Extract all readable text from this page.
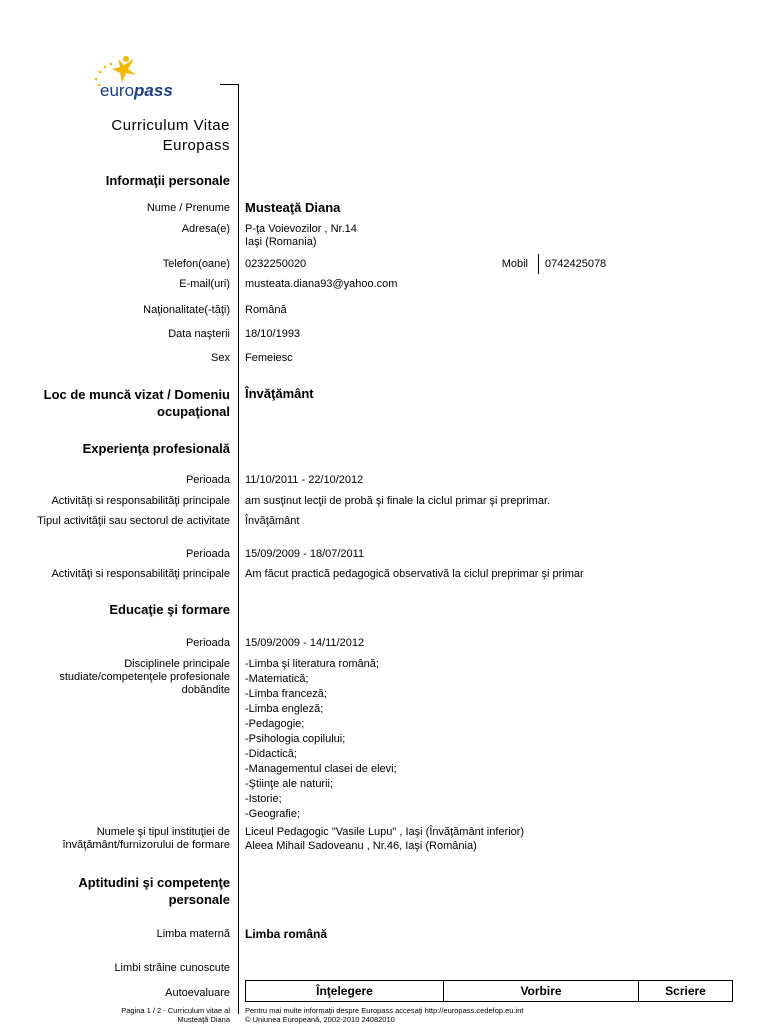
europass
Curriculum Vitae
Europass
Informaţii personale
Nume / Prenume Musteaţă Diana
Adresa(e) P-ţa Voievozilor , Nr.14
Iaşi (Romania)
Telefon(oane) 0232250020	Mobil 0742425078
E-mail(uri) musteata.diana93@yahoo.com
Naţionalitate(-tăţi) Română
Data naşterii 18/10/1993
Sex Femeiesc
Loc de muncă vizat / Domeniu ocupaţional
Învăţământ
Experienţa profesională
Perioada 11/10/2011 - 22/10/2012
Activităţi si responsabilităţi principale am susţinut lecţii de probă şi finale la ciclul primar şi preprimar.
Tipul activităţii sau sectorul de activitate Învăţământ
Perioada 15/09/2009 - 18/07/2011
Activităţi si responsabilităţi principale Am făcut practică pedagogică observativă la ciclul preprimar şi primar
Educaţie şi formare
Perioada 15/09/2009 - 14/11/2012
Disciplinele principale studiate/competenţele profesionale dobândite
-Limba şi literatura română;
-Matematică;
-Limba franceză;
-Limba engleză;
-Pedagogie;
-Psihologia copilului;
-Didactică;
-Managementul clasei de elevi;
-Ştiinţe ale naturii;
-Istorie;
-Geografie;
Numele şi tipul instituţiei de învăţământ/furnizorului de formare
Liceul Pedagogic "Vasile Lupu" , Iaşi (Învăţământ inferior)
Aleea Mihail Sadoveanu , Nr.46, Iaşi (România)
Aptitudini şi competenţe personale
Limba maternă Limba română
Limbi străine cunoscute
Autoevaluare	Înţelegere	Vorbire	Scriere
Pagina 1 / 2 - Curriculum vitae al
Musteaţă Diana
Pentru mai multe informaţii despre Europass accesaţi http://europass.cedefop.eu.int
© Uniunea Europeană, 2002-2010 24082010
